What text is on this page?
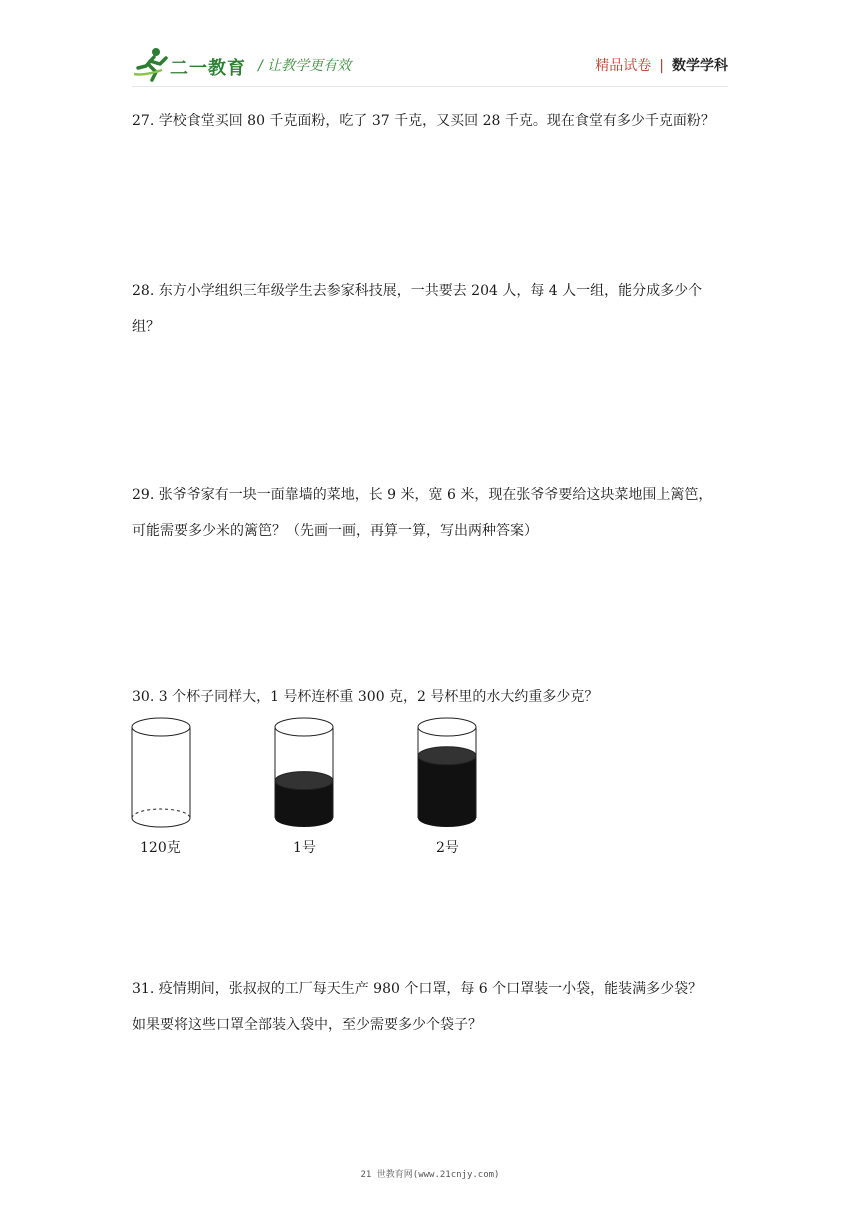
二一教育 / 让教学更有效	精品试卷 | 数学学科

27. 学校食堂买回 80 千克面粉，吃了 37 千克，又买回 28 千克。现在食堂有多少千克面粉？

28. 东方小学组织三年级学生去参家科技展，一共要去 204 人，每 4 人一组，能分成多少个

组？

29. 张爷爷家有一块一面靠墙的菜地，长 9 米，宽 6 米，现在张爷爷要给这块菜地围上篱笆，

可能需要多少米的篱笆？（先画一画，再算一算，写出两种答案）

30. 3 个杯子同样大，1 号杯连杯重 300 克，2 号杯里的水大约重多少克？

120克	1号	2号

31. 疫情期间，张叔叔的工厂每天生产 980 个口罩，每 6 个口罩装一小袋，能装满多少袋？

如果要将这些口罩全部装入袋中，至少需要多少个袋子？

21 世教育网(www.21cnjy.com)
